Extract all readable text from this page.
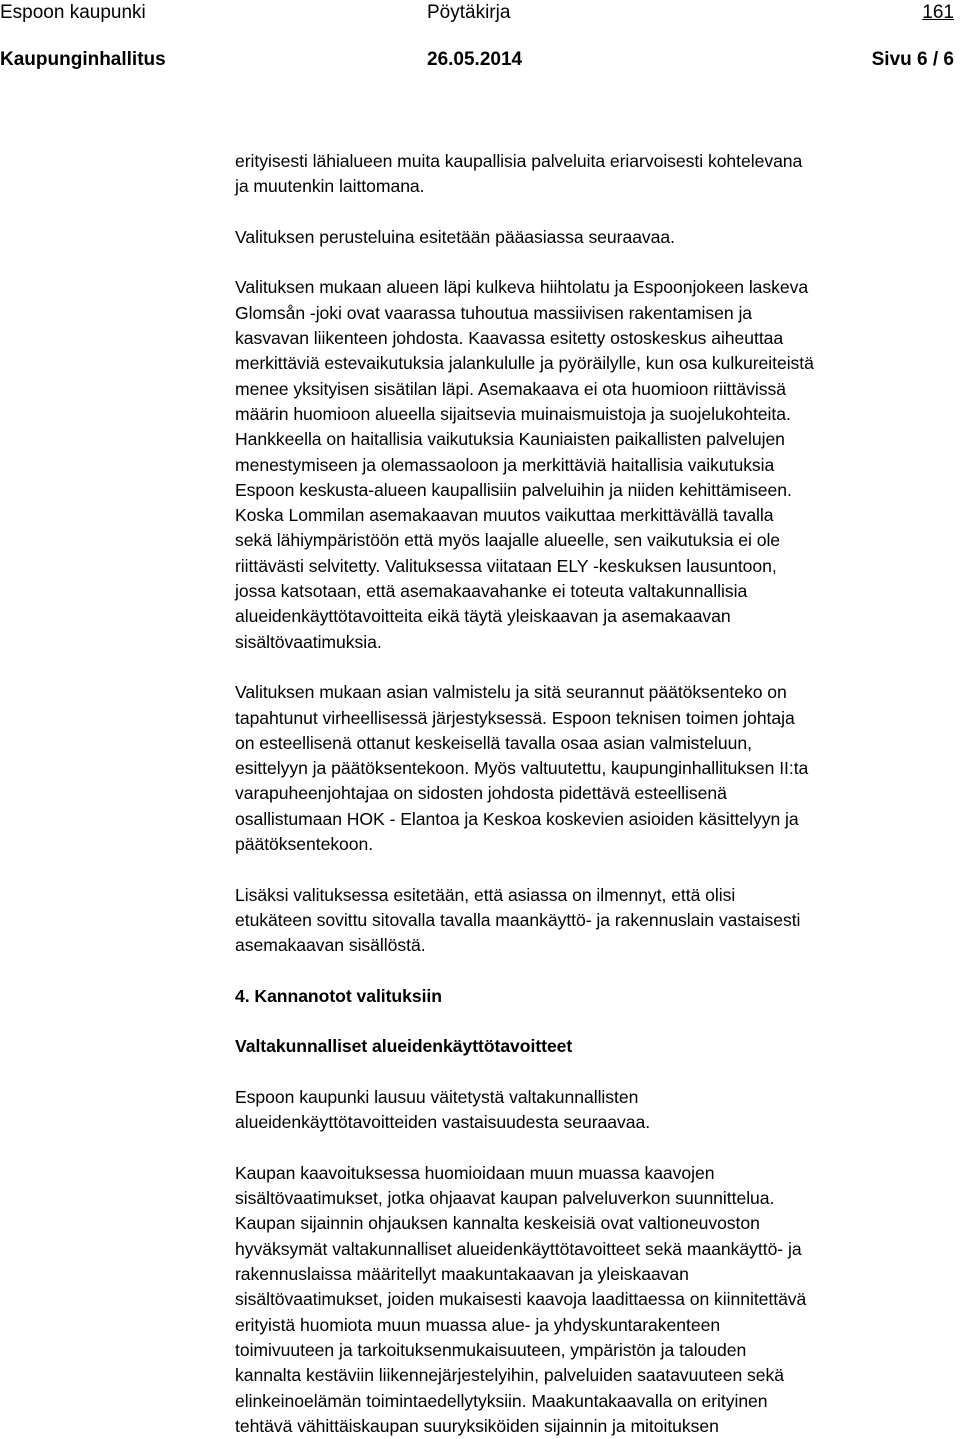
Espoon kaupunki	Pöytäkirja	161
Kaupunginhallitus	26.05.2014	Sivu 6 / 6
erityisesti lähialueen muita kaupallisia palveluita eriarvoisesti kohtelevana
ja muutenkin laittomana.
Valituksen perusteluina esitetään pääasiassa seuraavaa.
Valituksen mukaan alueen läpi kulkeva hiihtolatu ja Espoonjokeen laskeva
Glomsån -joki ovat vaarassa tuhoutua massiivisen rakentamisen ja
kasvavan liikenteen johdosta. Kaavassa esitetty ostoskeskus aiheuttaa
merkittäviä estevaikutuksia jalankululle ja pyöräilylle, kun osa kulkureiteistä
menee yksityisen sisätilan läpi. Asemakaava ei ota huomioon riittävissä
määrin huomioon alueella sijaitsevia muinaismuistoja ja suojelukohteita.
Hankkeella on haitallisia vaikutuksia Kauniaisten paikallisten palvelujen
menestymiseen ja olemassaoloon ja merkittäviä haitallisia vaikutuksia
Espoon keskusta-alueen kaupallisiin palveluihin ja niiden kehittämiseen.
Koska Lommilan asemakaavan muutos vaikuttaa merkittävällä tavalla
sekä lähiympäristöön että myös laajalle alueelle, sen vaikutuksia ei ole
riittävästi selvitetty. Valituksessa viitataan ELY -keskuksen lausuntoon,
jossa katsotaan, että asemakaavahanke ei toteuta valtakunnallisia
alueidenkäyttötavoitteita eikä täytä yleiskaavan ja asemakaavan
sisältövaatimuksia.
Valituksen mukaan asian valmistelu ja sitä seurannut päätöksenteko on
tapahtunut virheellisessä järjestyksessä. Espoon teknisen toimen johtaja
on esteellisenä ottanut keskeisellä tavalla osaa asian valmisteluun,
esittelyyn ja päätöksentekoon. Myös valtuutettu, kaupunginhallituksen II:ta
varapuheenjohtajaa on sidosten johdosta pidettävä esteellisenä
osallistumaan HOK - Elantoa ja Keskoa koskevien asioiden käsittelyyn ja
päätöksentekoon.
Lisäksi valituksessa esitetään, että asiassa on ilmennyt, että olisi
etukäteen sovittu sitovalla tavalla maankäyttö- ja rakennuslain vastaisesti
asemakaavan sisällöstä.
4. Kannanotot valituksiin
Valtakunnalliset alueidenkäyttötavoitteet
Espoon kaupunki lausuu väitetystä valtakunnallisten
alueidenkäyttötavoitteiden vastaisuudesta seuraavaa.
Kaupan kaavoituksessa huomioidaan muun muassa kaavojen
sisältövaatimukset, jotka ohjaavat kaupan palveluverkon suunnittelua.
Kaupan sijainnin ohjauksen kannalta keskeisiä ovat valtioneuvoston
hyväksymät valtakunnalliset alueidenkäyttötavoitteet sekä maankäyttö- ja
rakennuslaissa määritellyt maakuntakaavan ja yleiskaavan
sisältövaatimukset, joiden mukaisesti kaavoja laadittaessa on kiinnitettävä
erityistä huomiota muun muassa alue- ja yhdyskuntarakenteen
toimivuuteen ja tarkoituksenmukaisuuteen, ympäristön ja talouden
kannalta kestäviin liikennejärjestelyihin, palveluiden saatavuuteen sekä
elinkeinoelämän toimintaedellytyksiin. Maakuntakaavalla on erityinen
tehtävä vähittäiskaupan suuryksiköiden sijainnin ja mitoituksen
